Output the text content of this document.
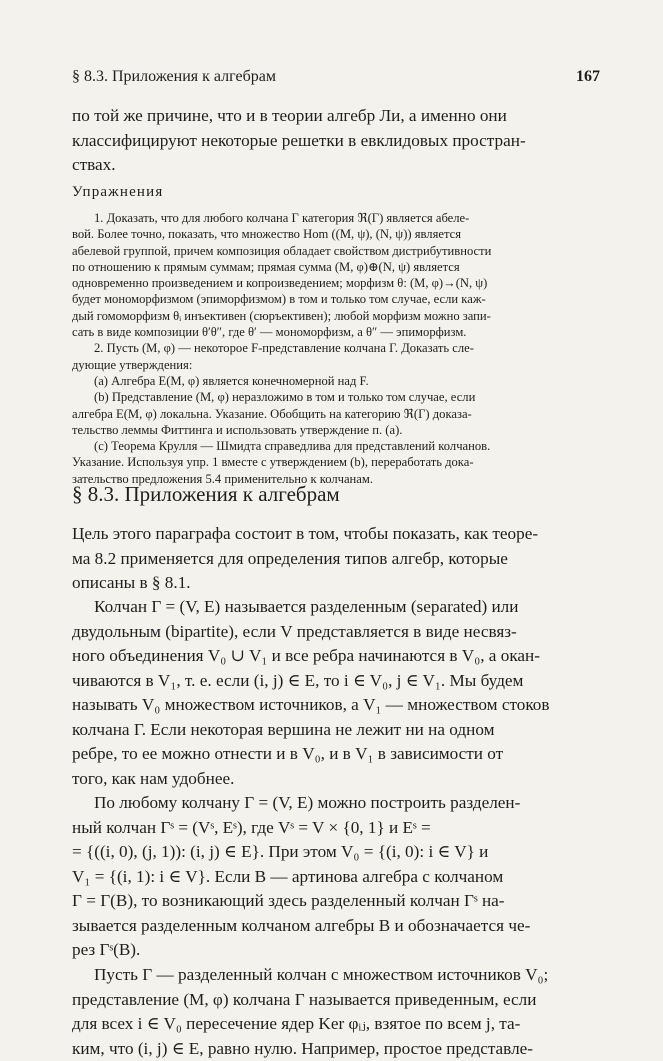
§ 8.3. Приложения к алгебрам	167

по той же причине, что и в теории алгебр Ли, а именно они
классифицируют некоторые решетки в евклидовых простран-
ствах.

Упражнения

1. Доказать, что для любого колчана Γ категория ℜ(Γ) является абеле-
вой. Более точно, показать, что множество Hom ((M, ψ), (N, ψ)) является
абелевой группой, причем композиция обладает свойством дистрибутивности
по отношению к прямым суммам; прямая сумма (M, φ)⊕(N, ψ) является
одновременно произведением и копроизведением; морфизм θ: (M, φ)→(N, ψ)
будет мономорфизмом (эпиморфизмом) в том и только том случае, если каж-
дый гомоморфизм θᵢ инъективен (сюръективен); любой морфизм можно запи-
сать в виде композиции θ′θ″, где θ′ — мономорфизм, а θ″ — эпиморфизм.

2. Пусть (M, φ) — некоторое F-представление колчана Γ. Доказать сле-
дующие утверждения:

(a) Алгебра E(M, φ) является конечномерной над F.

(b) Представление (M, φ) неразложимо в том и только том случае, если
алгебра E(M, φ) локальна. Указание. Обобщить на категорию ℜ(Γ) доказа-
тельство леммы Фиттинга и использовать утверждение п. (a).

(c) Теорема Крулля — Шмидта справедлива для представлений колчанов.
Указание. Используя упр. 1 вместе с утверждением (b), переработать дока-
зательство предложения 5.4 применительно к колчанам.

§ 8.3. Приложения к алгебрам

Цель этого параграфа состоит в том, чтобы показать, как теоре-
ма 8.2 применяется для определения типов алгебр, которые
описаны в § 8.1.

Колчан Γ = (V, E) называется разделенным (separated) или
двудольным (bipartite), если V представляется в виде несвяз-
ного объединения V₀ ∪ V₁ и все ребра начинаются в V₀, а окан-
чиваются в V₁, т. е. если (i, j) ∈ E, то i ∈ V₀, j ∈ V₁. Мы будем
называть V₀ множеством источников, а V₁ — множеством стоков
колчана Γ. Если некоторая вершина не лежит ни на одном
ребре, то ее можно отнести и в V₀, и в V₁ в зависимости от
того, как нам удобнее.

По любому колчану Γ = (V, E) можно построить разделен-
ный колчан Γˢ = (Vˢ, Eˢ), где Vˢ = V × {0, 1} и Eˢ =
= {((i, 0), (j, 1)): (i, j) ∈ E}. При этом V₀ = {(i, 0): i ∈ V} и
V₁ = {(i, 1): i ∈ V}. Если B — артинова алгебра с колчаном
Γ = Γ(B), то возникающий здесь разделенный колчан Γˢ на-
зывается разделенным колчаном алгебры B и обозначается че-
рез Γˢ(B).

Пусть Γ — разделенный колчан с множеством источников V₀;
представление (M, φ) колчана Γ называется приведенным, если
для всех i ∈ V₀ пересечение ядер Ker φᵢⱼ, взятое по всем j, та-
ким, что (i, j) ∈ E, равно нулю. Например, простое представле-
